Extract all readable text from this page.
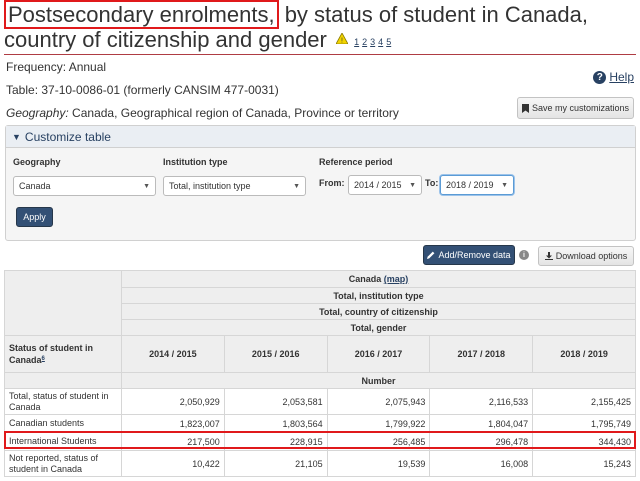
Postsecondary enrolments, by status of student in Canada, country of citizenship and gender ! 1 2 3 4 5
Frequency: Annual
? Help
Table: 37-10-0086-01 (formerly CANSIM 477-0031)
Geography: Canada, Geographical region of Canada, Province or territory	Save my customizations
▼ Customize table
Geography
Canada	▼
Institution type
Total, institution type	▼
Reference period
From: 2014 / 2015 ▼ To: 2018 / 2019 ▼
Apply
Add/Remove data	i	Download options
	Canada (map)				
	Total, institution type				
	Total, country of citizenship				
	Total, gender				
Status of student in Canada$^6$	2014 / 2015	2015 / 2016	2016 / 2017	2017 / 2018	2018 / 2019
	Number				
Total, status of student in Canada	2,050,929	2,053,581	2,075,943	2,116,533	2,155,425
Canadian students	1,823,007	1,803,564	1,799,922	1,804,047	1,795,749
International Students	217,500	228,915	256,485	296,478	344,430
Not reported, status of student in Canada	10,422	21,105	19,539	16,008	15,243
